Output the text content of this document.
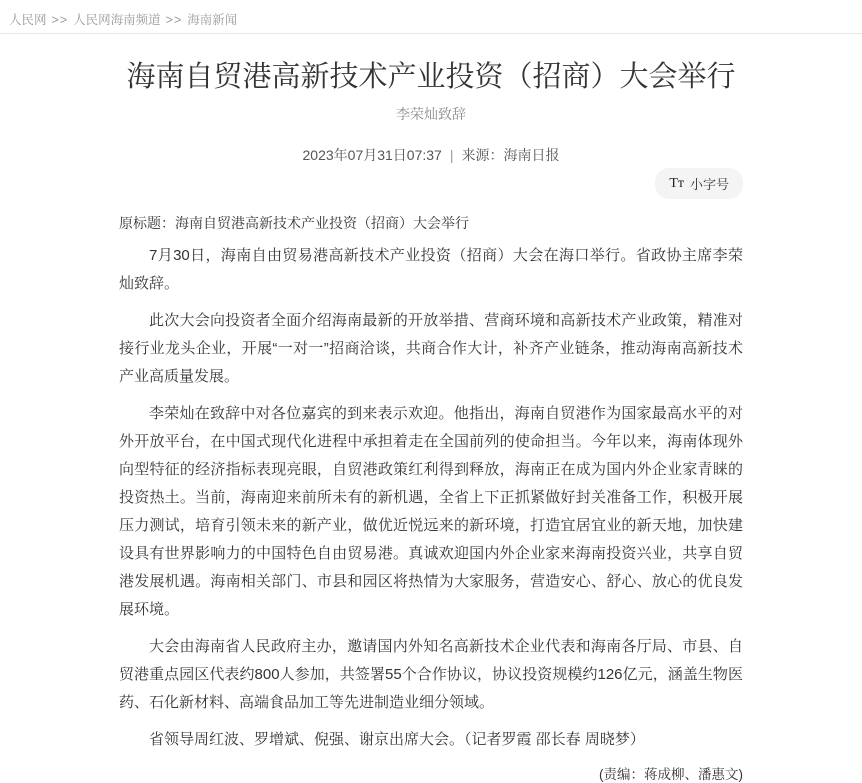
人民网 >> 人民网海南频道 >> 海南新闻
海南自贸港高新技术产业投资（招商）大会举行
李荣灿致辞
2023年07月31日07:37 | 来源：海南日报
Tᴛ 小字号
原标题：海南自贸港高新技术产业投资（招商）大会举行

7月30日，海南自由贸易港高新技术产业投资（招商）大会在海口举行。省政协主席李荣灿致辞。

此次大会向投资者全面介绍海南最新的开放举措、营商环境和高新技术产业政策，精准对接行业龙头企业，开展“一对一”招商洽谈，共商合作大计，补齐产业链条，推动海南高新技术产业高质量发展。

李荣灿在致辞中对各位嘉宾的到来表示欢迎。他指出，海南自贸港作为国家最高水平的对外开放平台，在中国式现代化进程中承担着走在全国前列的使命担当。今年以来，海南体现外向型特征的经济指标表现亮眼，自贸港政策红利得到释放，海南正在成为国内外企业家青睐的投资热土。当前，海南迎来前所未有的新机遇，全省上下正抓紧做好封关准备工作，积极开展压力测试，培育引领未来的新产业，做优近悦远来的新环境，打造宜居宜业的新天地，加快建设具有世界影响力的中国特色自由贸易港。真诚欢迎国内外企业家来海南投资兴业，共享自贸港发展机遇。海南相关部门、市县和园区将热情为大家服务，营造安心、舒心、放心的优良发展环境。

大会由海南省人民政府主办，邀请国内外知名高新技术企业代表和海南各厅局、市县、自贸港重点园区代表约800人参加，共签署55个合作协议，协议投资规模约126亿元，涵盖生物医药、石化新材料、高端食品加工等先进制造业细分领域。

省领导周红波、罗增斌、倪强、谢京出席大会。（记者罗霞 邵长春 周晓梦）

(责编：蒋成柳、潘惠文)
